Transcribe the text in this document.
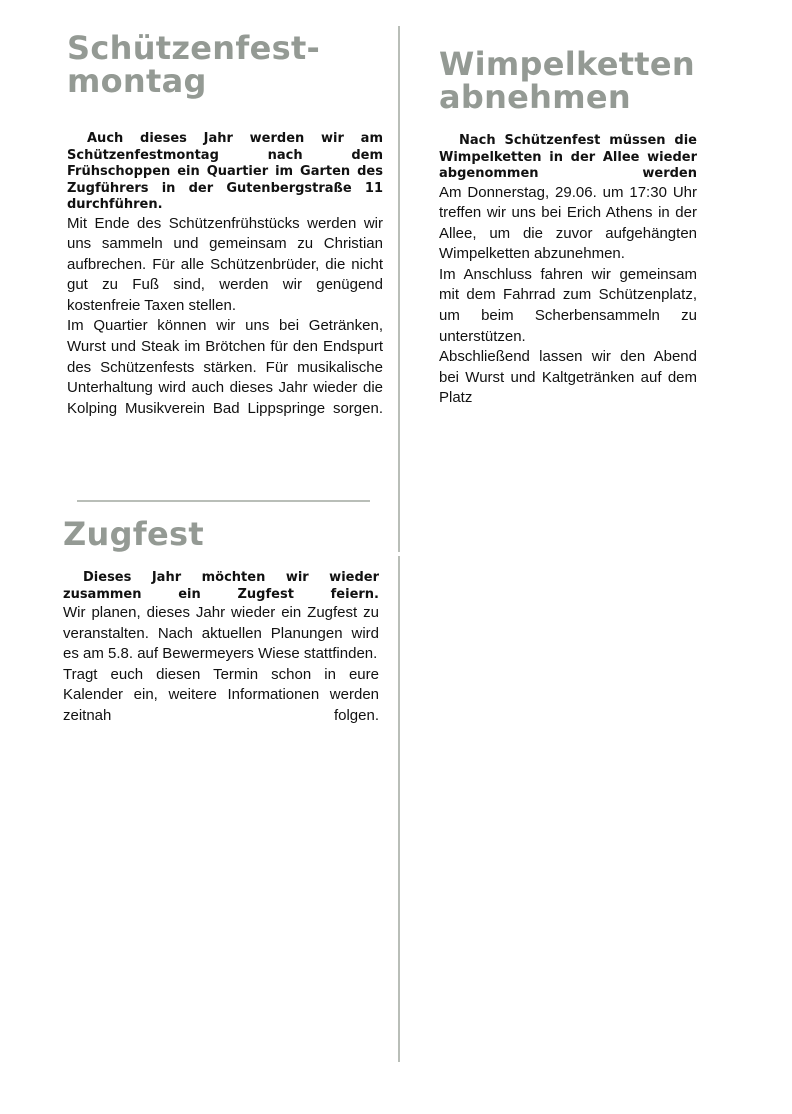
Schützenfest-
montag

Auch dieses Jahr werden wir am Schützenfestmontag nach dem Frühschoppen ein Quartier im Garten des Zugführers in der Gutenbergstraße 11 durchführen.

Mit Ende des Schützenfrühstücks werden wir uns sammeln und gemeinsam zu Christian aufbrechen. Für alle Schützenbrüder, die nicht gut zu Fuß sind, werden wir genügend kostenfreie Taxen stellen.

Im Quartier können wir uns bei Getränken, Wurst und Steak im Brötchen für den Endspurt des Schützenfests stärken. Für musikalische Unterhaltung wird auch dieses Jahr wieder die Kolping Musikverein Bad Lippspringe sorgen.

Wimpelketten
abnehmen

Nach Schützenfest müssen die Wimpelketten in der Allee wieder abgenommen werden

Am Donnerstag, 29.06. um 17:30 Uhr treffen wir uns bei Erich Athens in der Allee, um die zuvor aufgehängten Wimpelketten abzunehmen.

Im Anschluss fahren wir gemeinsam mit dem Fahrrad zum Schützenplatz, um beim Scherbensammeln zu unterstützen.

Abschließend lassen wir den Abend bei Wurst und Kaltgetränken auf dem Platz

Zugfest

Dieses Jahr möchten wir wieder zusammen ein Zugfest feiern.

Wir planen, dieses Jahr wieder ein Zugfest zu veranstalten. Nach aktuellen Planungen wird es am 5.8. auf Bewermeyers Wiese stattfinden.

Tragt euch diesen Termin schon in eure Kalender ein, weitere Informationen werden zeitnah folgen.
